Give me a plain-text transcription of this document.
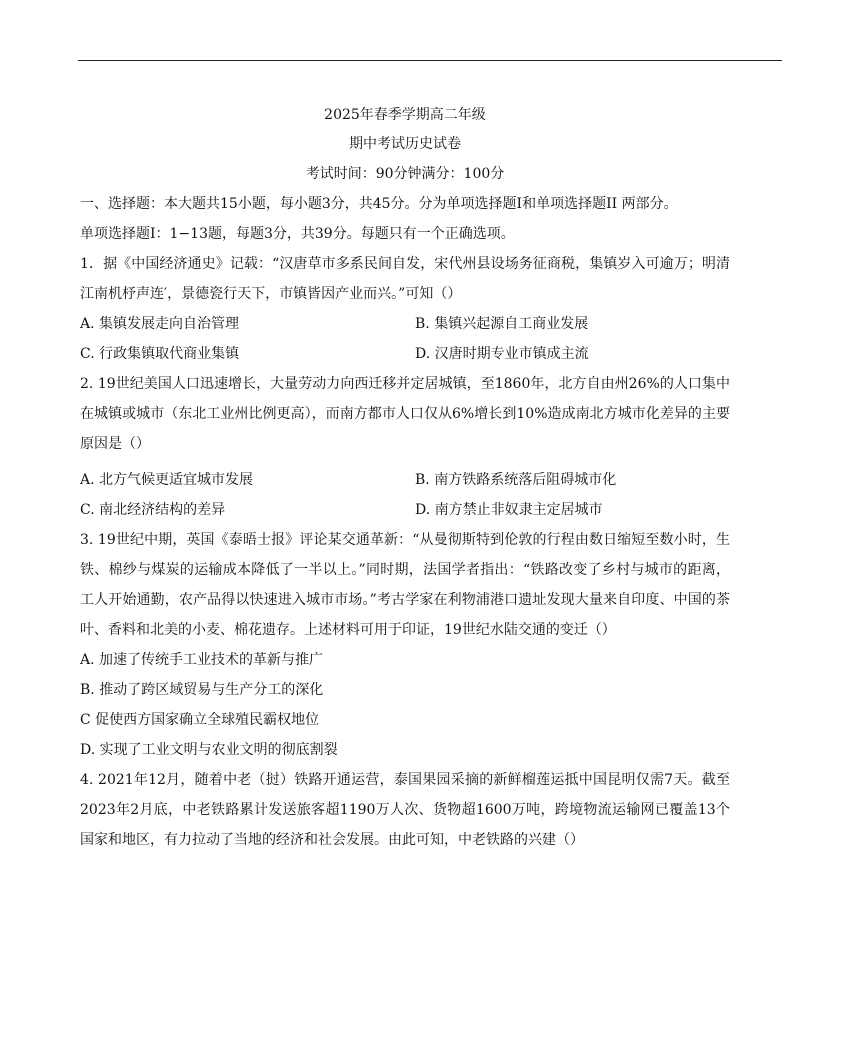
2025年春季学期高二年级
期中考试历史试卷
考试时间：90分钟满分：100分
一、选择题：本大题共15小题，每小题3分，共45分。分为单项选择题I和单项选择题II 两部分。
单项选择题I：1−13题，每题3分，共39分。每题只有一个正确选项。
1．据《中国经济通史》记载：“汉唐草市多系民间自发，宋代州县设场务征商税，集镇岁入可逾万；明清江南机杼声连′，景德瓷行天下，市镇皆因产业而兴。”可知（）
A. 集镇发展走向自治管理	B. 集镇兴起源自工商业发展
C. 行政集镇取代商业集镇	D. 汉唐时期专业市镇成主流
2. 19世纪美国人口迅速增长，大量劳动力向西迁移并定居城镇，至1860年，北方自由州26%的人口集中在城镇或城市（东北工业州比例更高），而南方都市人口仅从6%增长到10%造成南北方城市化差异的主要原因是（）
A. 北方气候更适宜城市发展	B. 南方铁路系统落后阻碍城市化
C. 南北经济结构的差异	D. 南方禁止非奴隶主定居城市
3. 19世纪中期，英国《泰晤士报》评论某交通革新：“从曼彻斯特到伦敦的行程由数日缩短至数小时，生铁、棉纱与煤炭的运输成本降低了一半以上。”同时期，法国学者指出：“铁路改变了乡村与城市的距离，工人开始通勤，农产品得以快速进入城市市场。”考古学家在利物浦港口遗址发现大量来自印度、中国的茶叶、香料和北美的小麦、棉花遗存。上述材料可用于印证，19世纪水陆交通的变迁（）
A. 加速了传统手工业技术的革新与推广
B. 推动了跨区域贸易与生产分工的深化
C 促使西方国家确立全球殖民霸权地位
D. 实现了工业文明与农业文明的彻底割裂
4. 2021年12月，随着中老（挝）铁路开通运营，泰国果园采摘的新鲜榴莲运抵中国昆明仅需7天。截至2023年2月底，中老铁路累计发送旅客超1190万人次、货物超1600万吨，跨境物流运输网已覆盖13个国家和地区，有力拉动了当地的经济和社会发展。由此可知，中老铁路的兴建（）
